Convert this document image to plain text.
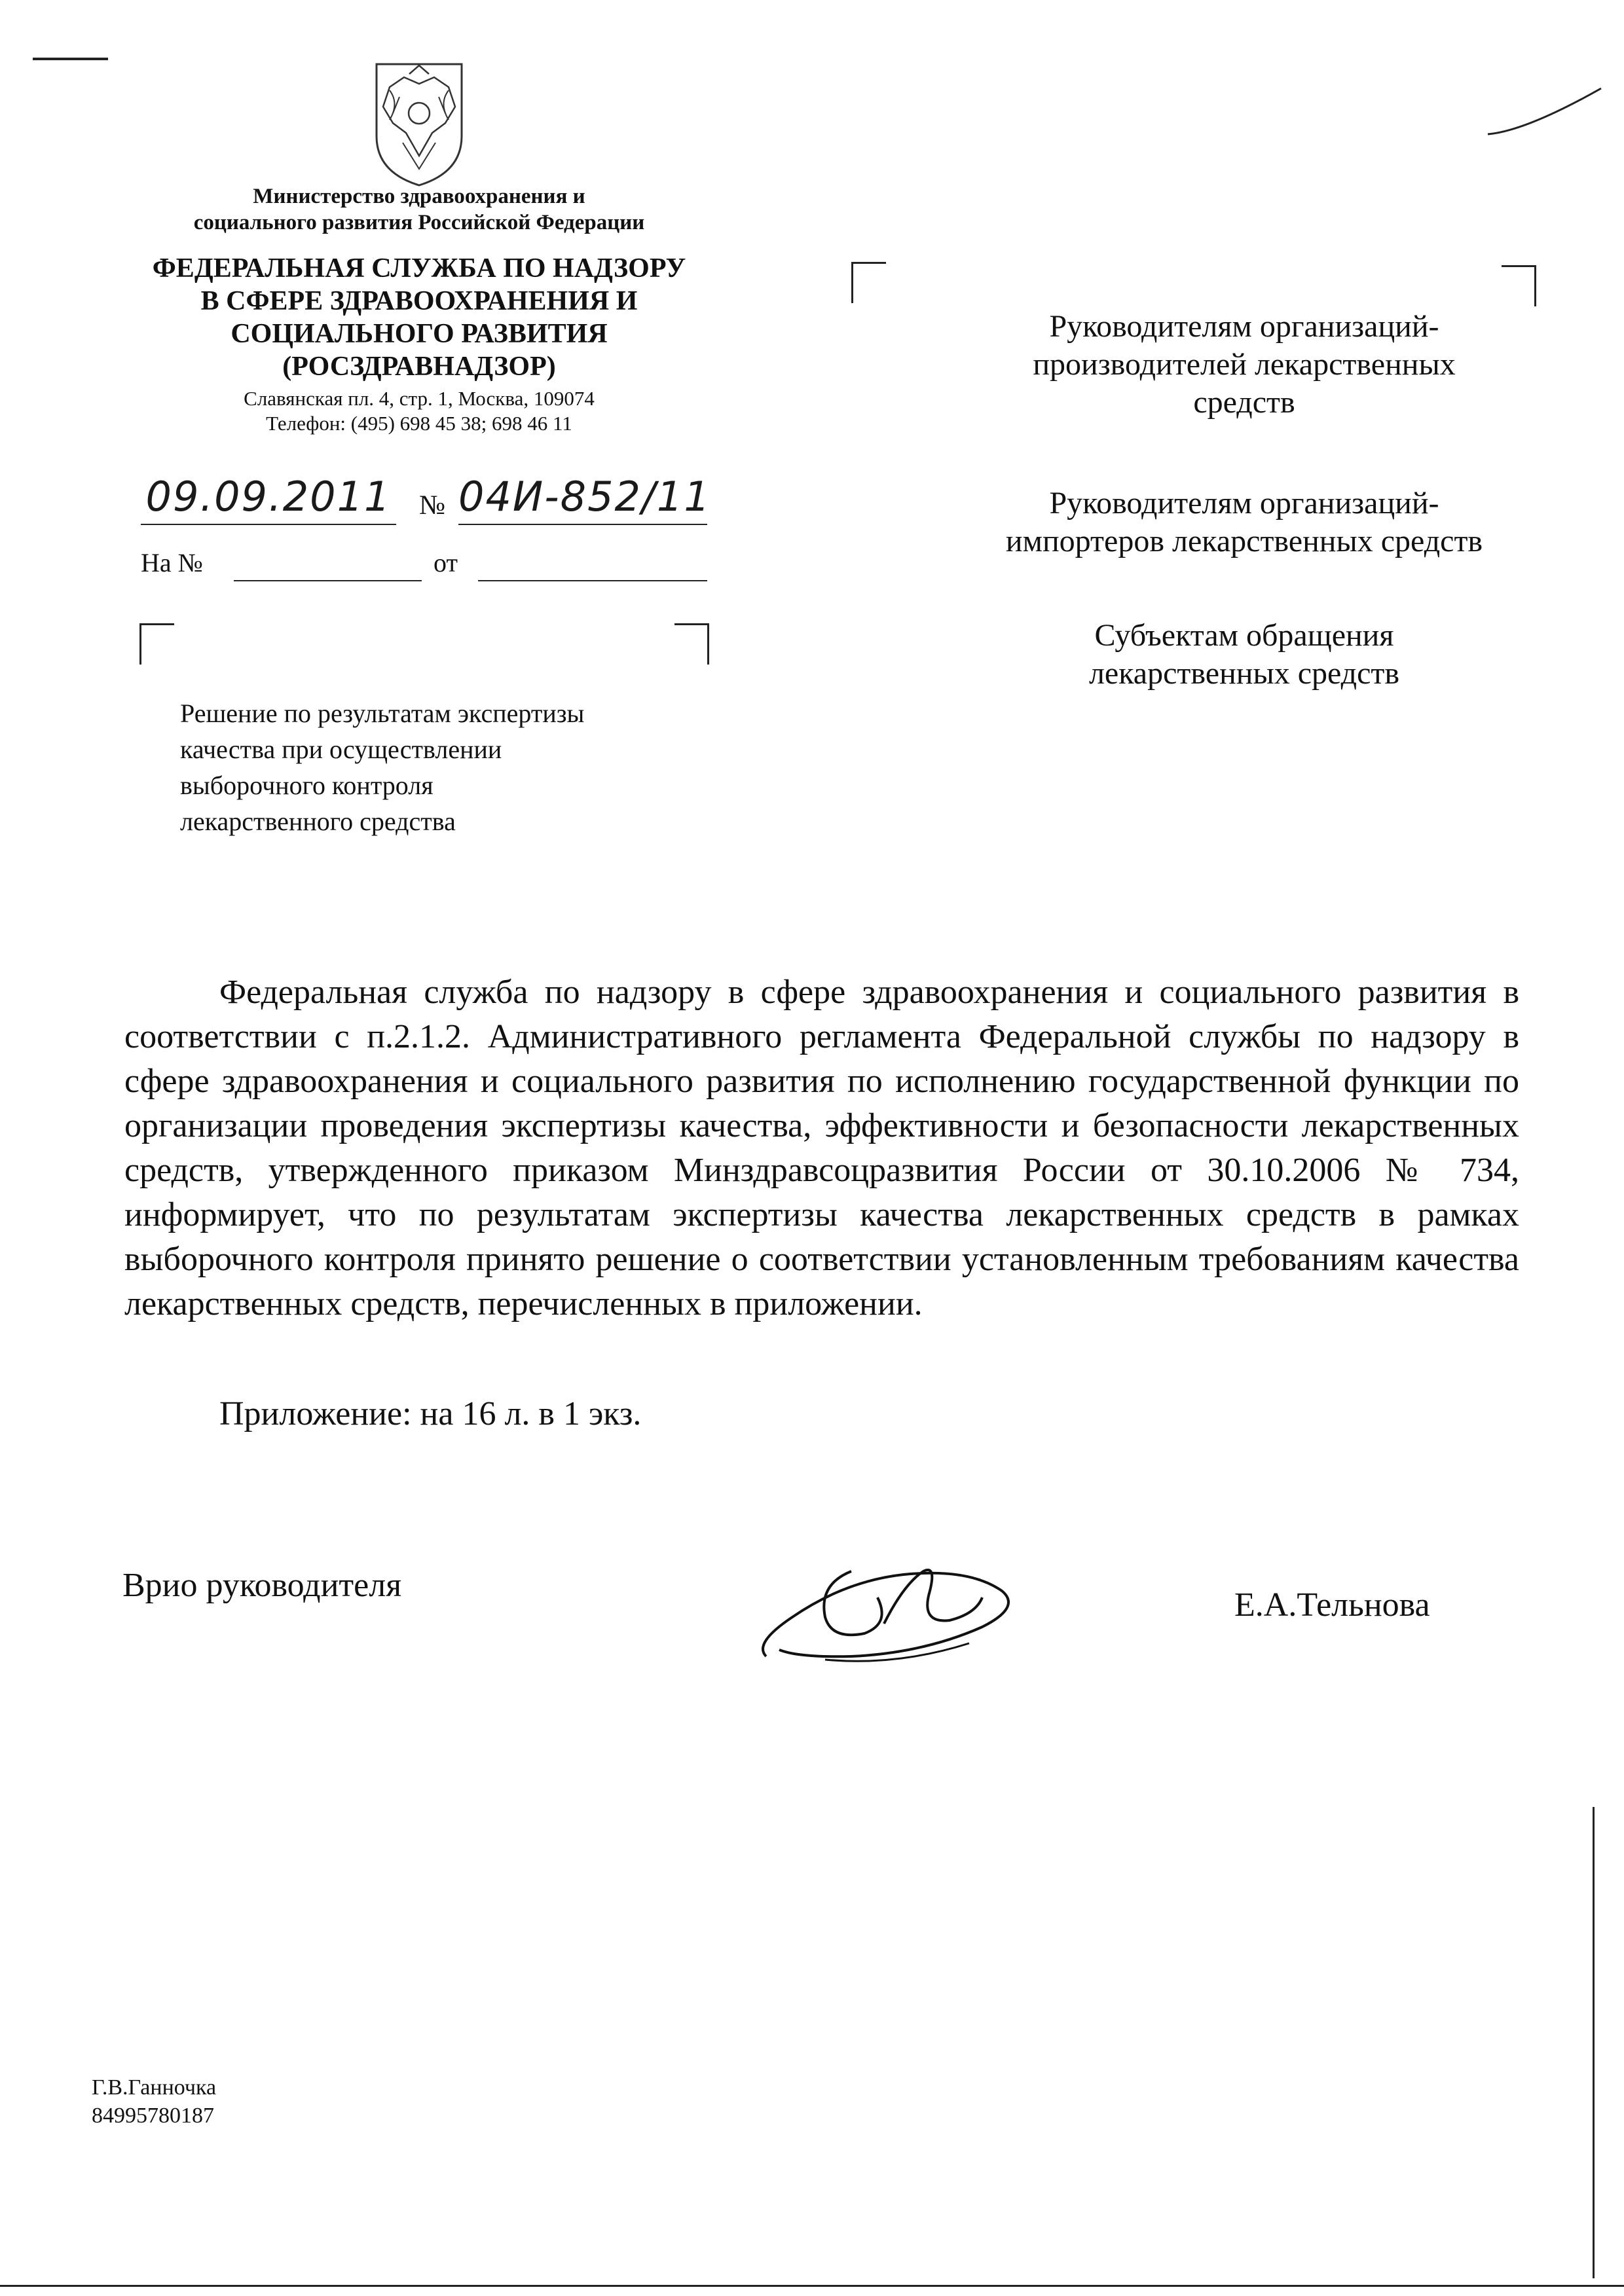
Министерство здравоохранения и
социального развития Российской Федерации
ФЕДЕРАЛЬНАЯ СЛУЖБА ПО НАДЗОРУ
В СФЕРЕ ЗДРАВООХРАНЕНИЯ И
СОЦИАЛЬНОГО РАЗВИТИЯ
(РОСЗДРАВНАДЗОР)
Славянская пл. 4, стр. 1, Москва, 109074
Телефон: (495) 698 45 38; 698 46 11
09.09.2011 № 04И-852/11
На №	от
Решение по результатам экспертизы
качества при осуществлении
выборочного контроля
лекарственного средства
Руководителям организаций-
производителей лекарственных
средств
Руководителям организаций-
импортеров лекарственных средств
Субъектам обращения
лекарственных средств

Федеральная служба по надзору в сфере здравоохранения и социального развития в соответствии с п.2.1.2. Административного регламента Федеральной службы по надзору в сфере здравоохранения и социального развития по исполнению государственной функции по организации проведения экспертизы качества, эффективности и безопасности лекарственных средств, утвержденного приказом Минздравсоцразвития России от 30.10.2006 № 734, информирует, что по результатам экспертизы качества лекарственных средств в рамках выборочного контроля принято решение о соответствии установленным требованиям качества лекарственных средств, перечисленных в приложении.

Приложение: на 16 л. в 1 экз.
Врио руководителя
Е.А.Тельнова
Г.В.Ганночка
84995780187
